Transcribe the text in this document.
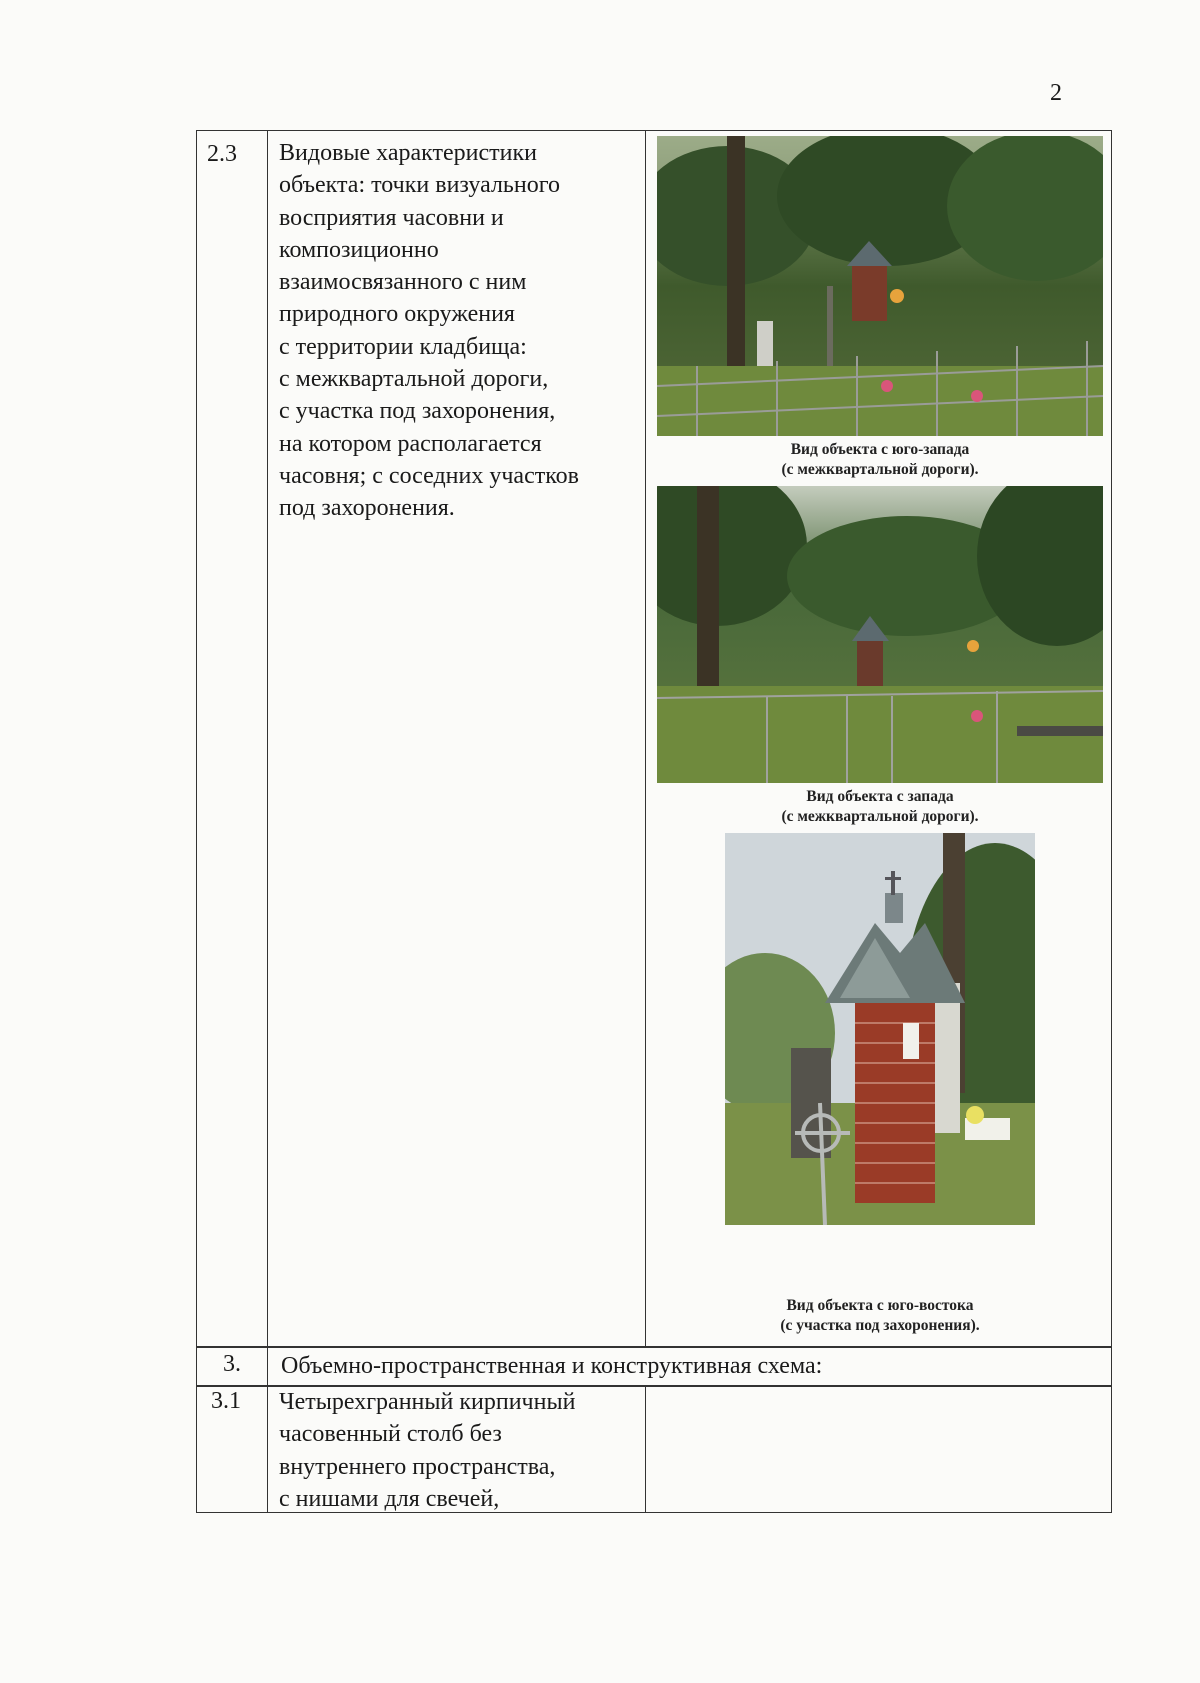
2
2.3 Видовые характеристики
объекта: точки визуального
восприятия часовни и
композиционно
взаимосвязанного с ним
природного окружения
с территории кладбища:
с межквартальной дороги,
с участка под захоронения,
на котором располагается
часовня; с соседних участков
под захоронения.
Вид объекта с юго-запада
(с межквартальной дороги).
Вид объекта с запада
(с межквартальной дороги).
Вид объекта с юго-востока
(с участка под захоронения).
3. Объемно-пространственная и конструктивная схема:
3.1 Четырехгранный кирпичный
часовенный столб без
внутреннего пространства,
с нишами для свечей,
